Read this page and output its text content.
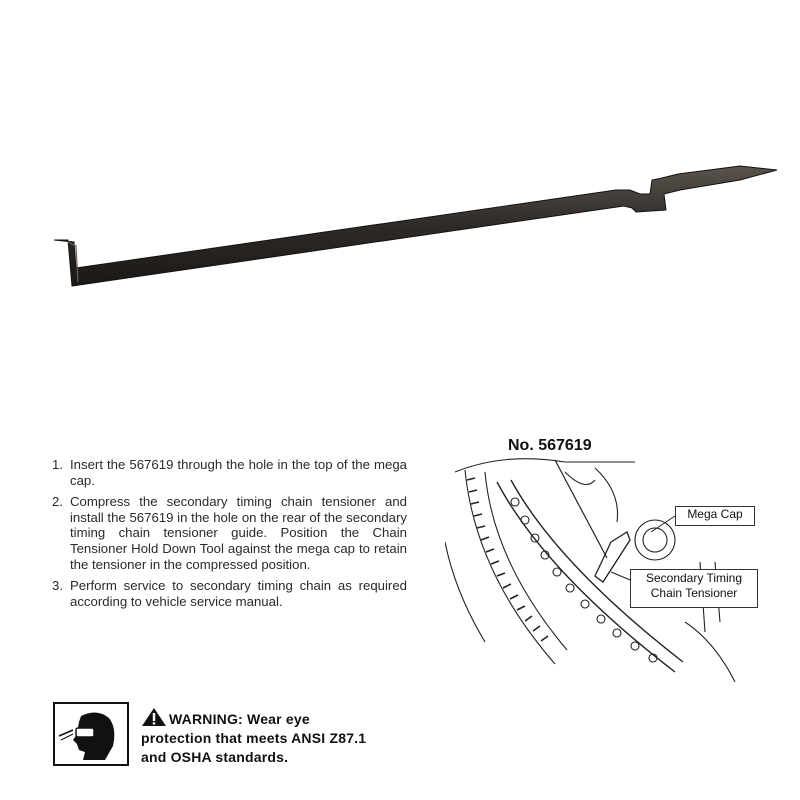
1. Insert the 567619 through the hole in the top of the mega cap.
2. Compress the secondary timing chain tensioner and install the 567619 in the hole on the rear of the secondary timing chain tensioner guide. Position the Chain Tensioner Hold Down Tool against the mega cap to retain the tensioner in the compressed position.
3. Perform service to secondary timing chain as required according to vehicle service manual.
No. 567619
Mega Cap
Secondary Timing
Chain Tensioner
WARNING: Wear eye protection that meets ANSI Z87.1 and OSHA standards.
